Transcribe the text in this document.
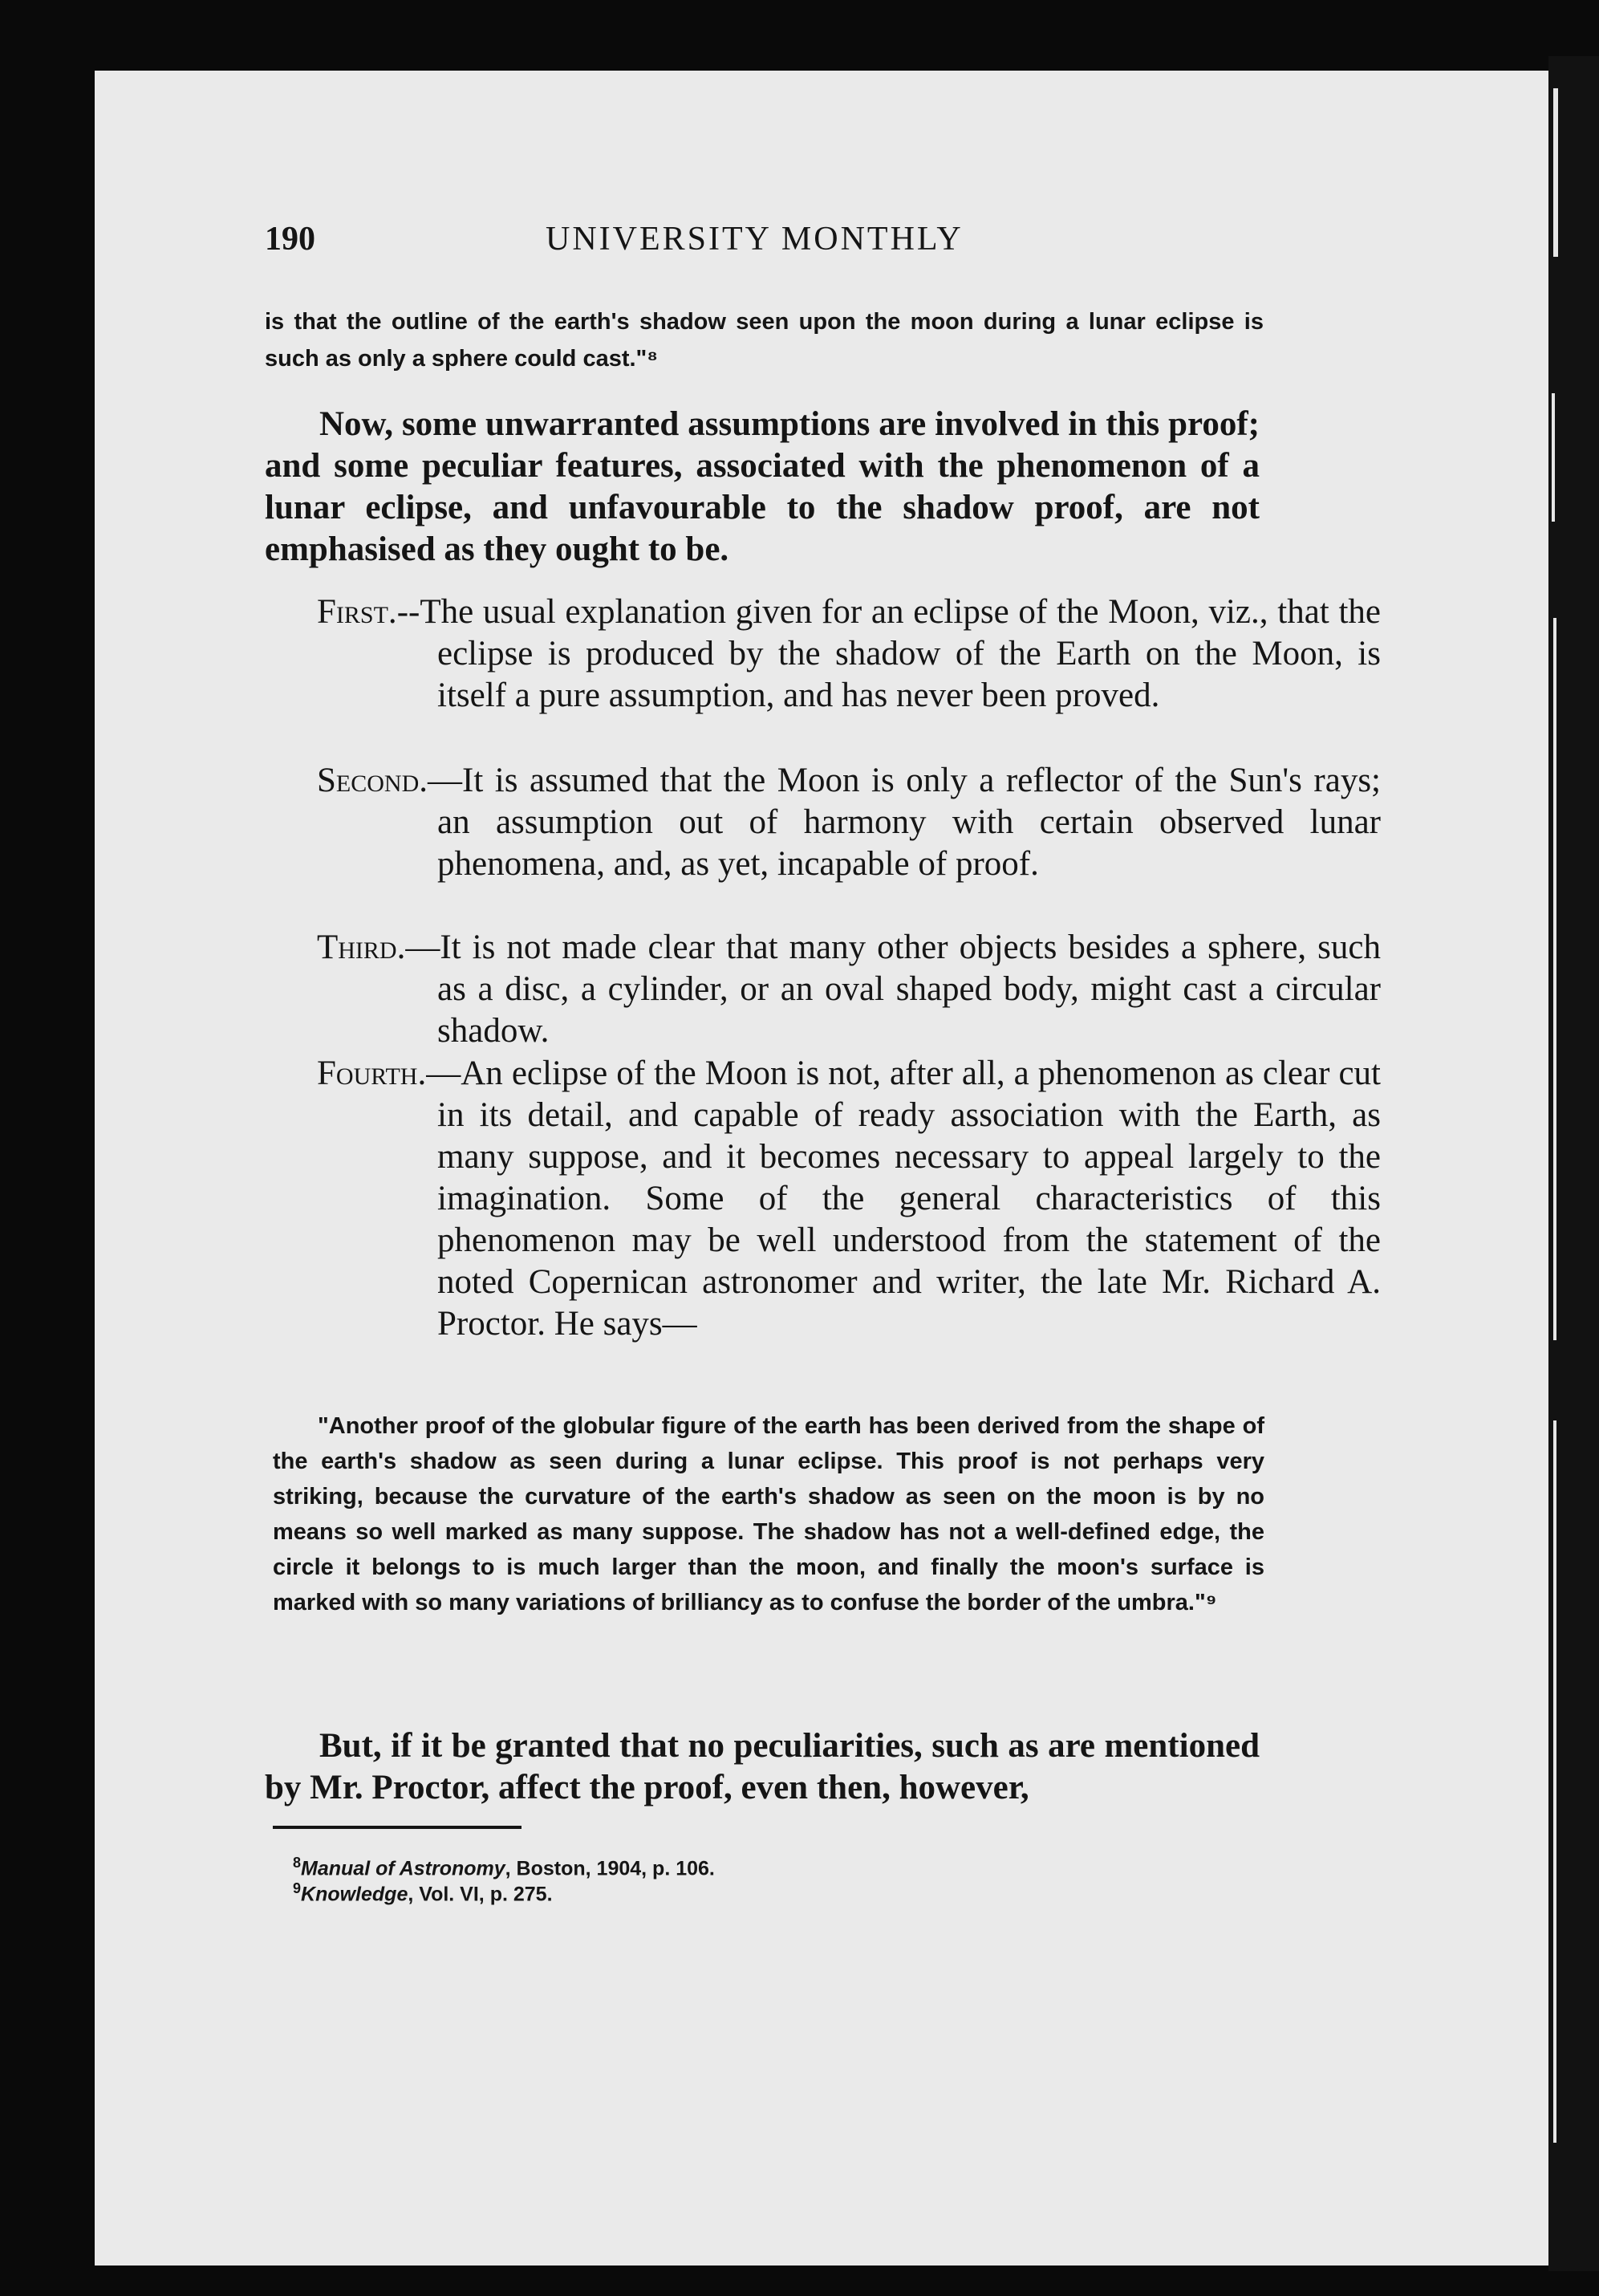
190	UNIVERSITY MONTHLY
is that the outline of the earth's shadow seen upon the moon during a lunar eclipse is such as only a sphere could cast."⁸
Now, some unwarranted assumptions are involved in this proof; and some peculiar features, associated with the phenomenon of a lunar eclipse, and unfavourable to the shadow proof, are not emphasised as they ought to be.
First.--The usual explanation given for an eclipse of the Moon, viz., that the eclipse is produced by the shadow of the Earth on the Moon, is itself a pure assumption, and has never been proved.
Second.—It is assumed that the Moon is only a reflector of the Sun's rays; an assumption out of harmony with certain observed lunar phenomena, and, as yet, incapable of proof.
Third.—It is not made clear that many other objects besides a sphere, such as a disc, a cylinder, or an oval shaped body, might cast a circular shadow.
Fourth.—An eclipse of the Moon is not, after all, a phenomenon as clear cut in its detail, and capable of ready association with the Earth, as many suppose, and it becomes necessary to appeal largely to the imagination. Some of the general characteristics of this phenomenon may be well understood from the statement of the noted Copernican astronomer and writer, the late Mr. Richard A. Proctor. He says—
"Another proof of the globular figure of the earth has been derived from the shape of the earth's shadow as seen during a lunar eclipse. This proof is not perhaps very striking, because the curvature of the earth's shadow as seen on the moon is by no means so well marked as many suppose. The shadow has not a well-defined edge, the circle it belongs to is much larger than the moon, and finally the moon's surface is marked with so many variations of brilliancy as to confuse the border of the umbra."⁹
But, if it be granted that no peculiarities, such as are mentioned by Mr. Proctor, affect the proof, even then, however,
$^8$Manual of Astronomy, Boston, 1904, p. 106.
$^9$Knowledge, Vol. VI, p. 275.
